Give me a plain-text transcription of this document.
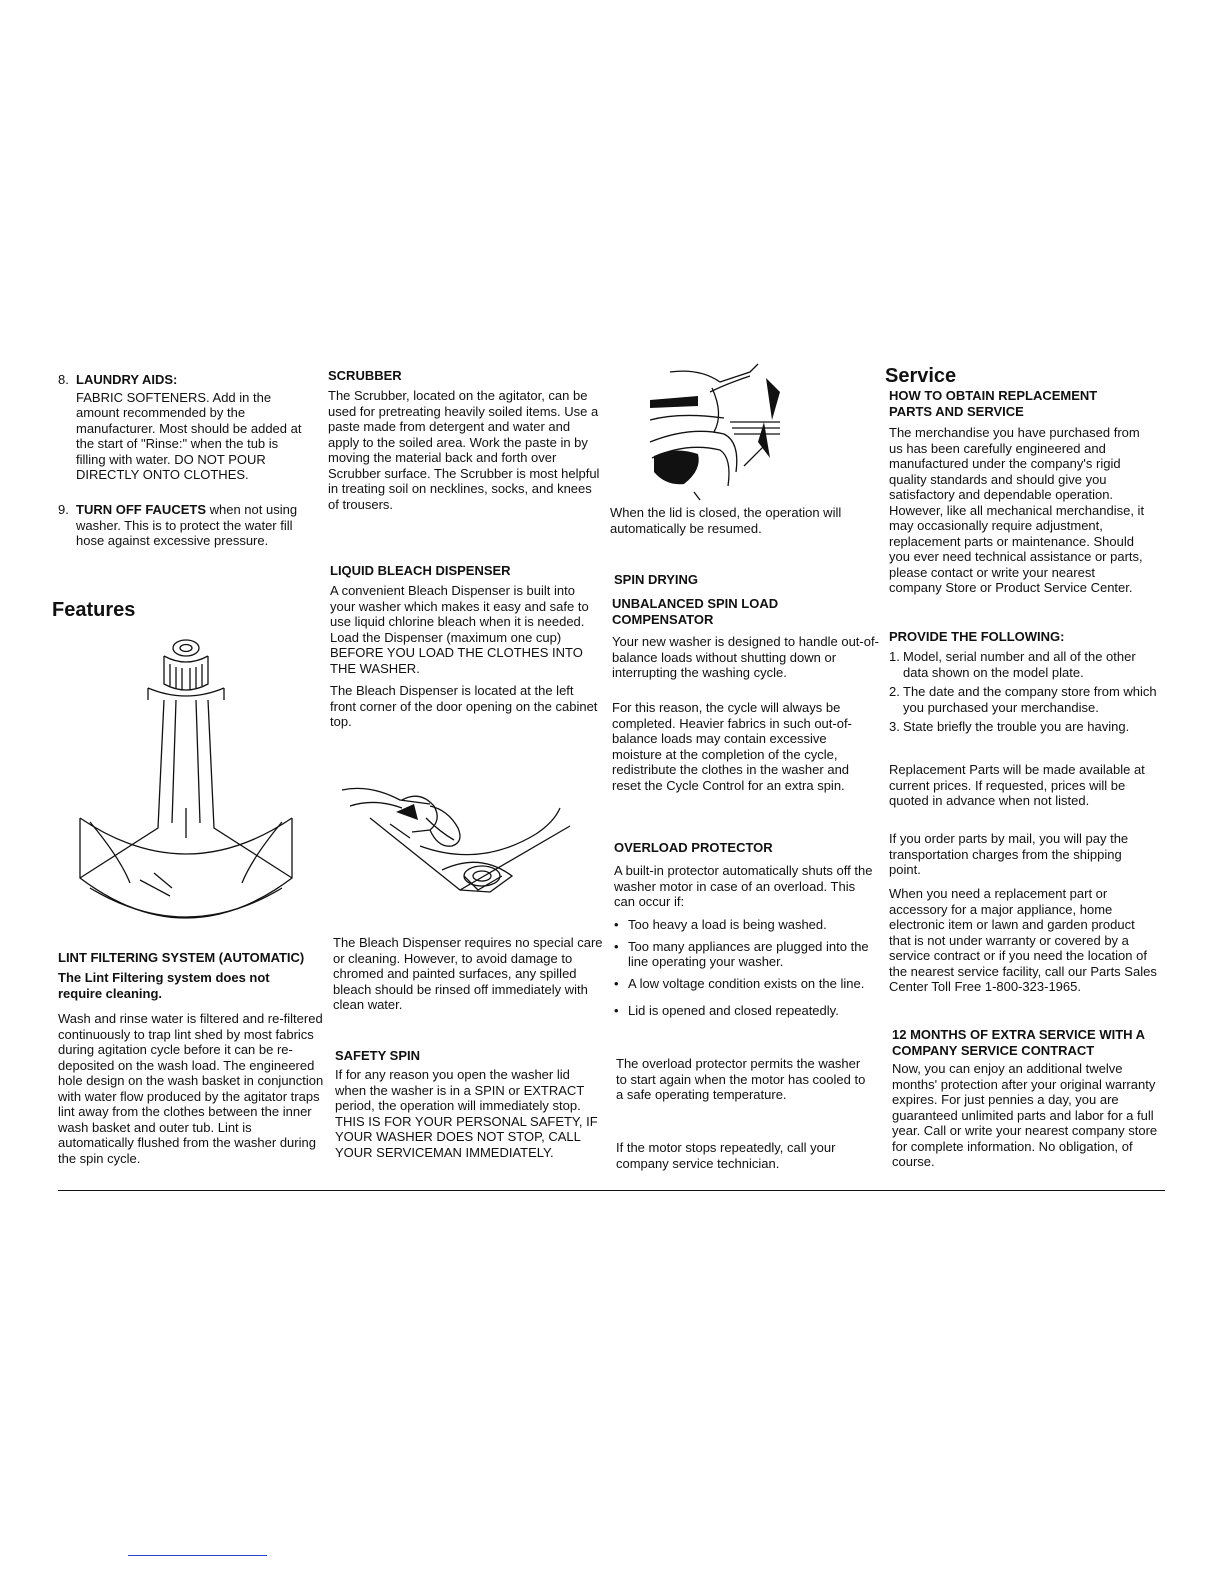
8. LAUNDRY AIDS:

FABRIC SOFTENERS. Add in the amount recommended by the manufacturer. Most should be added at the start of "Rinse:" when the tub is filling with water. DO NOT POUR DIRECTLY ONTO CLOTHES.

9. TURN OFF FAUCETS when not using washer. This is to protect the water fill hose against excessive pressure.
Features
LINT FILTERING SYSTEM (AUTOMATIC)

The Lint Filtering system does not require cleaning.

Wash and rinse water is filtered and re-filtered continuously to trap lint shed by most fabrics during agitation cycle before it can be re-deposited on the wash load. The engineered hole design on the wash basket in conjunction with water flow produced by the agitator traps lint away from the clothes between the inner wash basket and outer tub. Lint is automatically flushed from the washer during the spin cycle.

SCRUBBER

The Scrubber, located on the agitator, can be used for pretreating heavily soiled items. Use a paste made from detergent and water and apply to the soiled area. Work the paste in by moving the material back and forth over Scrubber surface. The Scrubber is most helpful in treating soil on necklines, socks, and knees of trousers.

LIQUID BLEACH DISPENSER

A convenient Bleach Dispenser is built into your washer which makes it easy and safe to use liquid chlorine bleach when it is needed. Load the Dispenser (maximum one cup) BEFORE YOU LOAD THE CLOTHES INTO THE WASHER.

The Bleach Dispenser is located at the left front corner of the door opening on the cabinet top.

The Bleach Dispenser requires no special care or cleaning. However, to avoid damage to chromed and painted surfaces, any spilled bleach should be rinsed off immediately with clean water.

SAFETY SPIN

If for any reason you open the washer lid when the washer is in a SPIN or EXTRACT period, the operation will immediately stop. THIS IS FOR YOUR PERSONAL SAFETY, IF YOUR WASHER DOES NOT STOP, CALL YOUR SERVICEMAN IMMEDIATELY.

When the lid is closed, the operation will automatically be resumed.

SPIN DRYING

UNBALANCED SPIN LOAD COMPENSATOR

Your new washer is designed to handle out-of-balance loads without shutting down or interrupting the washing cycle.

For this reason, the cycle will always be completed. Heavier fabrics in such out-of-balance loads may contain excessive moisture at the completion of the cycle, redistribute the clothes in the washer and reset the Cycle Control for an extra spin.

OVERLOAD PROTECTOR

A built-in protector automatically shuts off the washer motor in case of an overload. This can occur if:

• Too heavy a load is being washed.
• Too many appliances are plugged into the line operating your washer.
• A low voltage condition exists on the line.
• Lid is opened and closed repeatedly.

The overload protector permits the washer to start again when the motor has cooled to a safe operating temperature.

If the motor stops repeatedly, call your company service technician.

Service

HOW TO OBTAIN REPLACEMENT PARTS AND SERVICE

The merchandise you have purchased from us has been carefully engineered and manufactured under the company's rigid quality standards and should give you satisfactory and dependable operation. However, like all mechanical merchandise, it may occasionally require adjustment, replacement parts or maintenance. Should you ever need technical assistance or parts, please contact or write your nearest company Store or Product Service Center.

PROVIDE THE FOLLOWING:
1. Model, serial number and all of the other data shown on the model plate.
2. The date and the company store from which you purchased your merchandise.
3. State briefly the trouble you are having.

Replacement Parts will be made available at current prices. If requested, prices will be quoted in advance when not listed.

If you order parts by mail, you will pay the transportation charges from the shipping point.

When you need a replacement part or accessory for a major appliance, home electronic item or lawn and garden product that is not under warranty or covered by a service contract or if you need the location of the nearest service facility, call our Parts Sales Center Toll Free 1-800-323-1965.

12 MONTHS OF EXTRA SERVICE WITH A COMPANY SERVICE CONTRACT

Now, you can enjoy an additional twelve months' protection after your original warranty expires. For just pennies a day, you are guaranteed unlimited parts and labor for a full year. Call or write your nearest company store for complete information. No obligation, of course.
